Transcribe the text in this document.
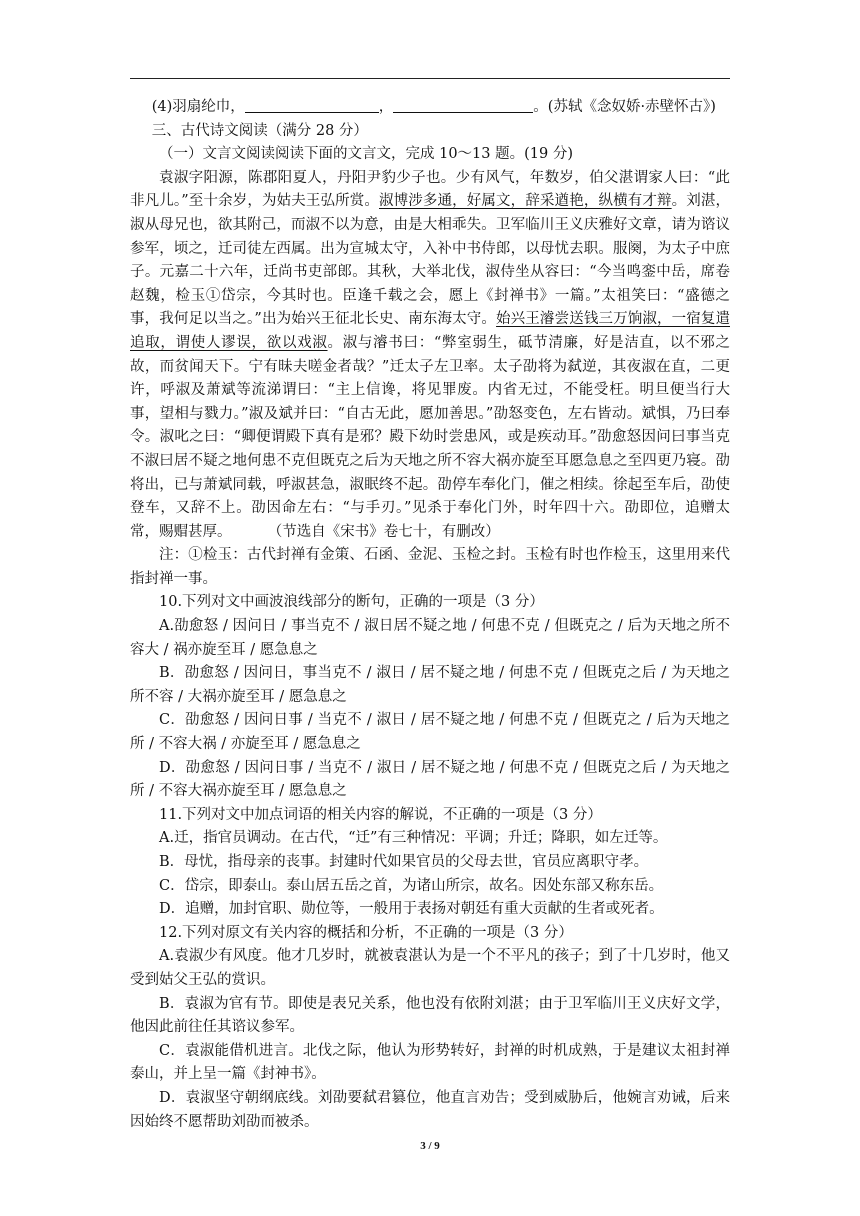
(4)羽扇纶巾，	，	。(苏轼《念奴娇·赤壁怀古》)

三、古代诗文阅读（满分 28 分）

（一）文言文阅读阅读下面的文言文，完成 10～13 题。(19 分)

袁淑字阳源，陈郡阳夏人，丹阳尹豹少子也。少有风气，年数岁，伯父湛谓家人曰：“此非凡儿。”至十余岁，为姑夫王弘所赏。淑博涉多通，好属文，辞采遒艳，纵横有才辩。刘湛，淑从母兄也，欲其附己，而淑不以为意，由是大相乖失。卫军临川王义庆雅好文章，请为谘议参军，顷之，迁司徒左西属。出为宣城太守，入补中书侍郎，以母忧去职。服阕，为太子中庶子。元嘉二十六年，迁尚书吏部郎。其秋，大举北伐，淑侍坐从容曰：“今当鸣銮中岳，席卷赵魏，检玉①岱宗，今其时也。臣逢千载之会，愿上《封禅书》一篇。”太祖笑曰：“盛德之事，我何足以当之。”出为始兴王征北长史、南东海太守。始兴王濬尝送钱三万饷淑，一宿复遣追取，谓使人谬误，欲以戏淑。淑与濬书曰：“弊室弱生，砥节清廉，好是洁直，以不邪之故，而贫闻天下。宁有昧夫嗟金者哉？”迁太子左卫率。太子劭将为弑逆，其夜淑在直，二更许，呼淑及萧斌等流涕谓曰：“主上信谗，将见罪废。内省无过，不能受枉。明旦便当行大事，望相与戮力。”淑及斌并曰：“自古无此，愿加善思。”劭怒变色，左右皆动。斌惧，乃曰奉令。淑叱之曰：“卿便谓殿下真有是邪？殿下幼时尝患风，或是疾动耳。”劭愈怒因问曰事当克不淑曰居不疑之地何患不克但既克之后为天地之所不容大祸亦旋至耳愿急息之至四更乃寝。劭将出，已与萧斌同载，呼淑甚急，淑眠终不起。劭停车奉化门，催之相续。徐起至车后，劭使登车，又辞不上。劭因命左右：“与手刃。”见杀于奉化门外，时年四十六。劭即位，追赠太常，赐赗甚厚。	（节选自《宋书》卷七十，有删改）

注：①检玉：古代封禅有金策、石函、金泥、玉检之封。玉检有时也作检玉，这里用来代指封禅一事。

10.下列对文中画波浪线部分的断句，正确的一项是（3 分）

A.劭愈怒 / 因问日 / 事当克不 / 淑日居不疑之地 / 何患不克 / 但既克之 / 后为天地之所不容大 / 祸亦旋至耳 / 愿急息之

B．劭愈怒 / 因问日，事当克不 / 淑日 / 居不疑之地 / 何患不克 / 但既克之后 / 为天地之所不容 / 大祸亦旋至耳 / 愿急息之

C．劭愈怒 / 因问日事 / 当克不 / 淑日 / 居不疑之地 / 何患不克 / 但既克之 / 后为天地之所 / 不容大祸 / 亦旋至耳 / 愿急息之

D．劭愈怒 / 因问日事 / 当克不 / 淑日 / 居不疑之地 / 何患不克 / 但既克之后 / 为天地之所 / 不容大祸亦旋至耳 / 愿急息之

11.下列对文中加点词语的相关内容的解说，不正确的一项是（3 分）

A.迁，指官员调动。在古代，“迁”有三种情况：平调；升迁；降职，如左迁等。

B．母忧，指母亲的丧事。封建时代如果官员的父母去世，官员应离职守孝。

C．岱宗，即泰山。泰山居五岳之首，为诸山所宗，故名。因处东部又称东岳。

D．追赠，加封官职、勋位等，一般用于表扬对朝廷有重大贡献的生者或死者。

12.下列对原文有关内容的概括和分析，不正确的一项是（3 分）

A.袁淑少有风度。他才几岁时，就被袁湛认为是一个不平凡的孩子；到了十几岁时，他又受到姑父王弘的赏识。

B．袁淑为官有节。即使是表兄关系，他也没有依附刘湛；由于卫军临川王义庆好文学，他因此前往任其谘议参军。

C．袁淑能借机进言。北伐之际，他认为形势转好，封禅的时机成熟，于是建议太祖封禅泰山，并上呈一篇《封神书》。

D．袁淑坚守朝纲底线。刘劭要弑君篡位，他直言劝告；受到威胁后，他婉言劝诫，后来因始终不愿帮助刘劭而被杀。

3 / 9
